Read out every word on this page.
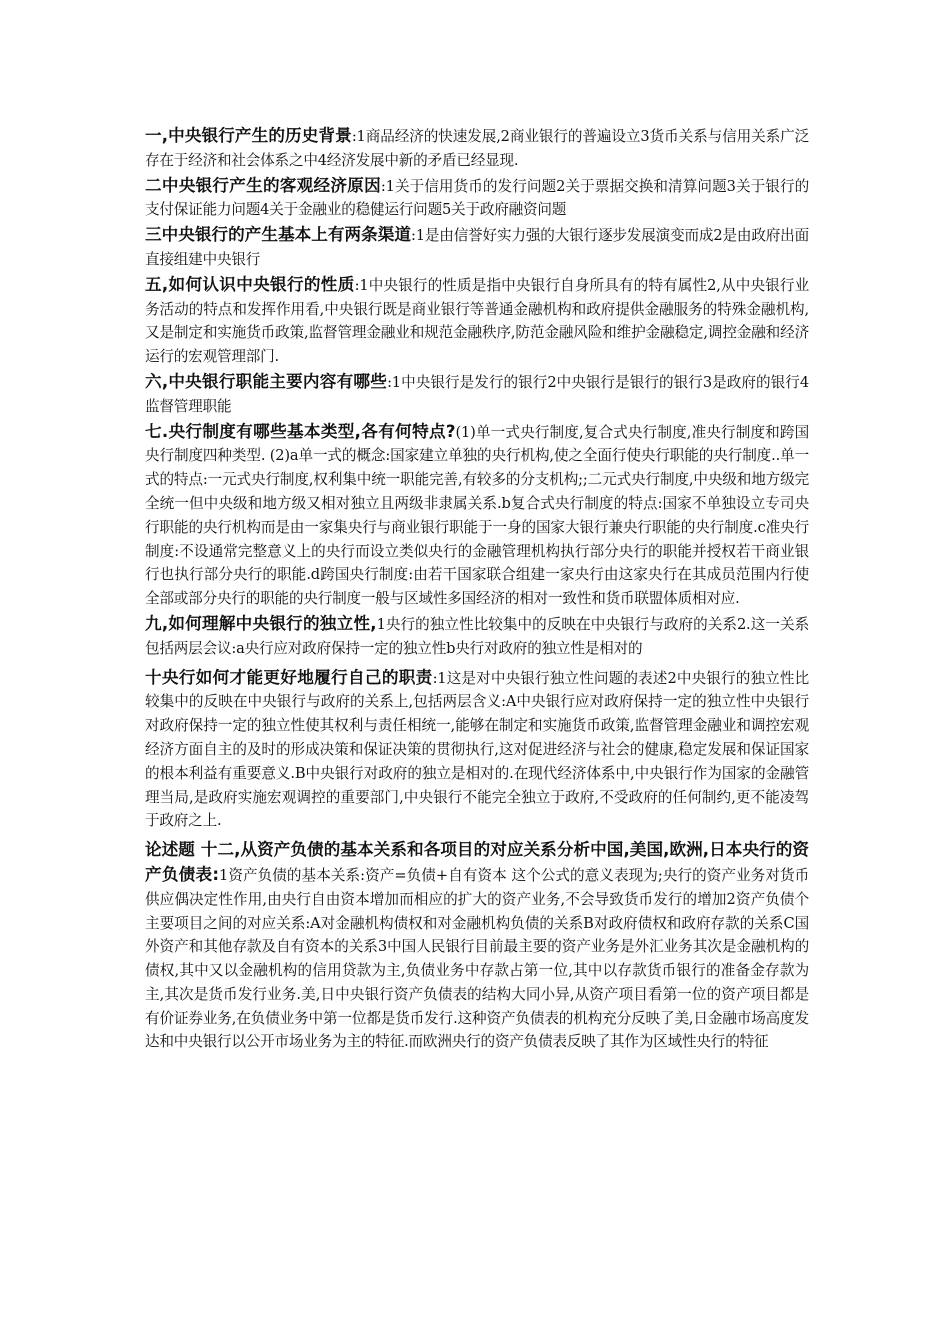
一,中央银行产生的历史背景:1商品经济的快速发展,2商业银行的普遍设立3货币关系与信用关系广泛存在于经济和社会体系之中4经济发展中新的矛盾已经显现.

二中央银行产生的客观经济原因:1关于信用货币的发行问题2关于票据交换和清算问题3关于银行的支付保证能力问题4关于金融业的稳健运行问题5关于政府融资问题

三中央银行的产生基本上有两条渠道:1是由信誉好实力强的大银行逐步发展演变而成2是由政府出面直接组建中央银行

五,如何认识中央银行的性质:1中央银行的性质是指中央银行自身所具有的特有属性2,从中央银行业务活动的特点和发挥作用看,中央银行既是商业银行等普通金融机构和政府提供金融服务的特殊金融机构,又是制定和实施货币政策,监督管理金融业和规范金融秩序,防范金融风险和维护金融稳定,调控金融和经济运行的宏观管理部门.

六,中央银行职能主要内容有哪些:1中央银行是发行的银行2中央银行是银行的银行3是政府的银行4监督管理职能

七.央行制度有哪些基本类型,各有何特点?(1)单一式央行制度,复合式央行制度,准央行制度和跨国央行制度四种类型. (2)a单一式的概念:国家建立单独的央行机构,使之全面行使央行职能的央行制度..单一式的特点:一元式央行制度,权利集中统一职能完善,有较多的分支机构;;二元式央行制度,中央级和地方级完全统一但中央级和地方级又相对独立且两级非隶属关系.b复合式央行制度的特点:国家不单独设立专司央行职能的央行机构而是由一家集央行与商业银行职能于一身的国家大银行兼央行职能的央行制度.c准央行制度:不设通常完整意义上的央行而设立类似央行的金融管理机构执行部分央行的职能并授权若干商业银行也执行部分央行的职能.d跨国央行制度:由若干国家联合组建一家央行由这家央行在其成员范围内行使全部或部分央行的职能的央行制度一般与区域性多国经济的相对一致性和货币联盟体质相对应.

九,如何理解中央银行的独立性,1央行的独立性比较集中的反映在中央银行与政府的关系2.这一关系包括两层会议:a央行应对政府保持一定的独立性b央行对政府的独立性是相对的

十央行如何才能更好地履行自己的职责:1这是对中央银行独立性问题的表述2中央银行的独立性比较集中的反映在中央银行与政府的关系上,包括两层含义:A中央银行应对政府保持一定的独立性中央银行对政府保持一定的独立性使其权利与责任相统一,能够在制定和实施货币政策,监督管理金融业和调控宏观经济方面自主的及时的形成决策和保证决策的贯彻执行,这对促进经济与社会的健康,稳定发展和保证国家的根本利益有重要意义.B中央银行对政府的独立是相对的.在现代经济体系中,中央银行作为国家的金融管理当局,是政府实施宏观调控的重要部门,中央银行不能完全独立于政府,不受政府的任何制约,更不能凌驾于政府之上.

论述题 十二,从资产负债的基本关系和各项目的对应关系分析中国,美国,欧洲,日本央行的资产负债表:1资产负债的基本关系:资产=负债+自有资本 这个公式的意义表现为;央行的资产业务对货币供应偶决定性作用,由央行自由资本增加而相应的扩大的资产业务,不会导致货币发行的增加2资产负债个主要项目之间的对应关系:A对金融机构债权和对金融机构负债的关系B对政府债权和政府存款的关系C国外资产和其他存款及自有资本的关系3中国人民银行目前最主要的资产业务是外汇业务其次是金融机构的债权,其中又以金融机构的信用贷款为主,负债业务中存款占第一位,其中以存款货币银行的准备金存款为主,其次是货币发行业务.美,日中央银行资产负债表的结构大同小异,从资产项目看第一位的资产项目都是有价证券业务,在负债业务中第一位都是货币发行.这种资产负债表的机构充分反映了美,日金融市场高度发达和中央银行以公开市场业务为主的特征.而欧洲央行的资产负债表反映了其作为区域性央行的特征
